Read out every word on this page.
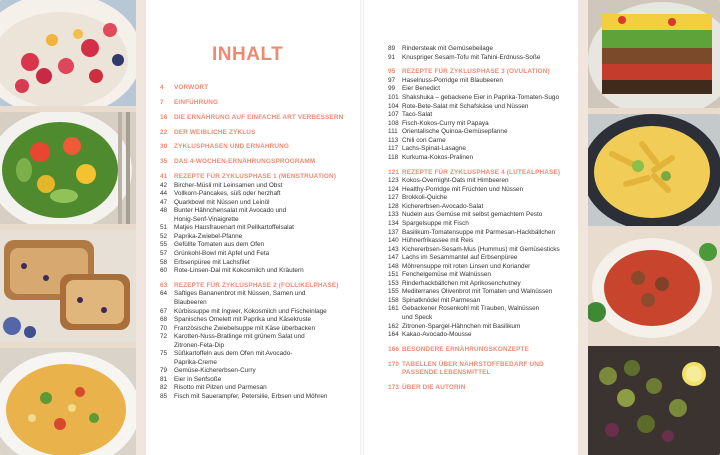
INHALT
4 VORWORT
7 EINFÜHRUNG
16 DIE ERNÄHRUNG AUF EINFACHE ART VERBESSERN
22 DER WEIBLICHE ZYKLUS
30 ZYKLUSPHASEN UND ERNÄHRUNG
35 DAS 4-WOCHEN-ERNÄHRUNGSPROGRAMM
41 REZEPTE FÜR ZYKLUSPHASE 1 (MENSTRUATION)
42 Bircher-Müsli mit Leinsamen und Obst
44 Vollkorn-Pancakes, süß oder herzhaft
47 Quarkbowl mit Nüssen und Leinöl
48 Bunter Hähnchensalat mit Avocado und
Honig-Senf-Vinaigrette
51 Matjes Hausfrauenart mit Pellkartoffelsalat
52 Paprika-Zwiebel-Pfanne
55 Gefüllte Tomaten aus dem Ofen
57 Grünkohl-Bowl mit Apfel und Feta
58 Erbsenpüree mit Lachsfilet
60 Rote-Linsen-Dal mit Kokosmilch und Kräutern
63 REZEPTE FÜR ZYKLUSPHASE 2 (FOLLIKELPHASE)
64 Saftiges Bananenbrot mit Nüssen, Samen und
Blaubeeren
67 Kürbissuppe mit Ingwer, Kokosmilch und Fischeinlage
68 Spanisches Omelett mit Paprika und Käsekruste
70 Französische Zwiebelsuppe mit Käse überbacken
72 Karotten-Nuss-Bratlinge mit grünem Salat und
Zitronen-Feta-Dip
75 Süßkartoffeln aus dem Ofen mit Avocado-
Paprika-Creme
79 Gemüse-Kichererbsen-Curry
81 Eier in Senfsoße
82 Risotto mit Pilzen und Parmesan
85 Fisch mit Sauerampfer, Petersilie, Erbsen und Möhren
89 Rindersteak mit Gemüsebeilage
91 Knuspriger Sesam-Tofu mit Tahini-Erdnuss-Soße
95 REZEPTE FÜR ZYKLUSPHASE 3 (OVULATION)
97 Haselnuss-Porridge mit Blaubeeren
99 Eier Benedict
101 Shakshuka – gebackene Eier in Paprika-Tomaten-Sugo
104 Rote-Bete-Salat mit Schafskäse und Nüssen
107 Taco-Salat
108 Fisch-Kokos-Curry mit Papaya
111 Orientalische Quinoa-Gemüsepfanne
113 Chili con Carne
117 Lachs-Spinat-Lasagne
118 Kurkuma-Kokos-Pralinen
121 REZEPTE FÜR ZYKLUSPHASE 4 (LUTEALPHASE)
123 Kokos-Overnight-Oats mit Himbeeren
124 Healthy-Porridge mit Früchten und Nüssen
127 Brokkoli-Quiche
128 Kichererbsen-Avocado-Salat
133 Nudeln aus Gemüse mit selbst gemachtem Pesto
134 Spargelsuppe mit Fisch
137 Basilikum-Tomatensuppe mit Parmesan-Hackbällchen
140 Hühnerfrikassee mit Reis
143 Kichererbsen-Sesam-Mus (Hummus) mit Gemüsesticks
147 Lachs im Sesammantel auf Erbsenpüree
148 Möhrensuppe mit roten Linsen und Koriander
151 Fenchelgemüse mit Walnüssen
153 Rinderhackbällchen mit Aprikosenchutney
155 Mediterranes Olivenbrot mit Tomaten und Walnüssen
158 Spinatknödel mit Parmesan
161 Gebackener Rosenkohl mit Trauben, Walnüssen
und Speck
162 Zitronen-Spargel-Hähnchen mit Basilikum
164 Kakao-Avocado-Mousse
166 BESONDERE ERNÄHRUNGSKONZEPTE
170 TABELLEN ÜBER NÄHRSTOFFBEDARF UND
PASSENDE LEBENSMITTEL
173 ÜBER DIE AUTORIN
